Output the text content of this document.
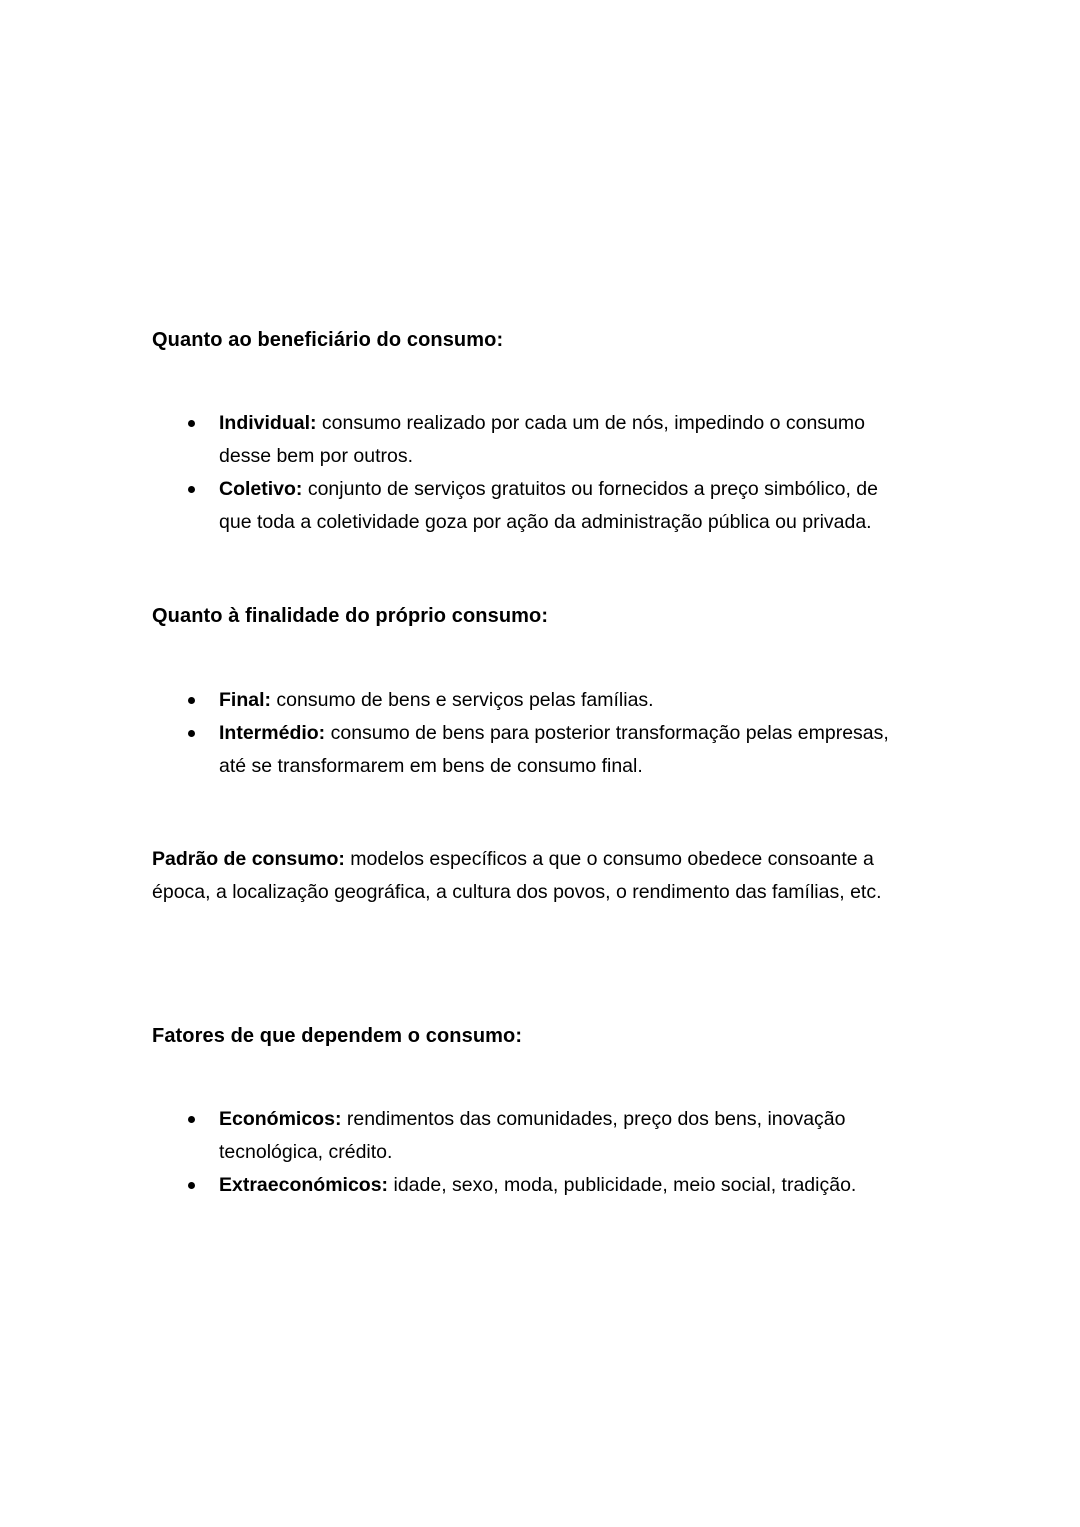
Quanto ao beneficiário do consumo:
Individual: consumo realizado por cada um de nós, impedindo o consumo desse bem por outros.
Coletivo: conjunto de serviços gratuitos ou fornecidos a preço simbólico, de que toda a coletividade goza por ação da administração pública ou privada.
Quanto à finalidade do próprio consumo:
Final: consumo de bens e serviços pelas famílias.
Intermédio: consumo de bens para posterior transformação pelas empresas, até se transformarem em bens de consumo final.

Padrão de consumo: modelos específicos a que o consumo obedece consoante a época, a localização geográfica, a cultura dos povos, o rendimento das famílias, etc.

Fatores de que dependem o consumo:
Económicos: rendimentos das comunidades, preço dos bens, inovação tecnológica, crédito.
Extraeconómicos: idade, sexo, moda, publicidade, meio social, tradição.
